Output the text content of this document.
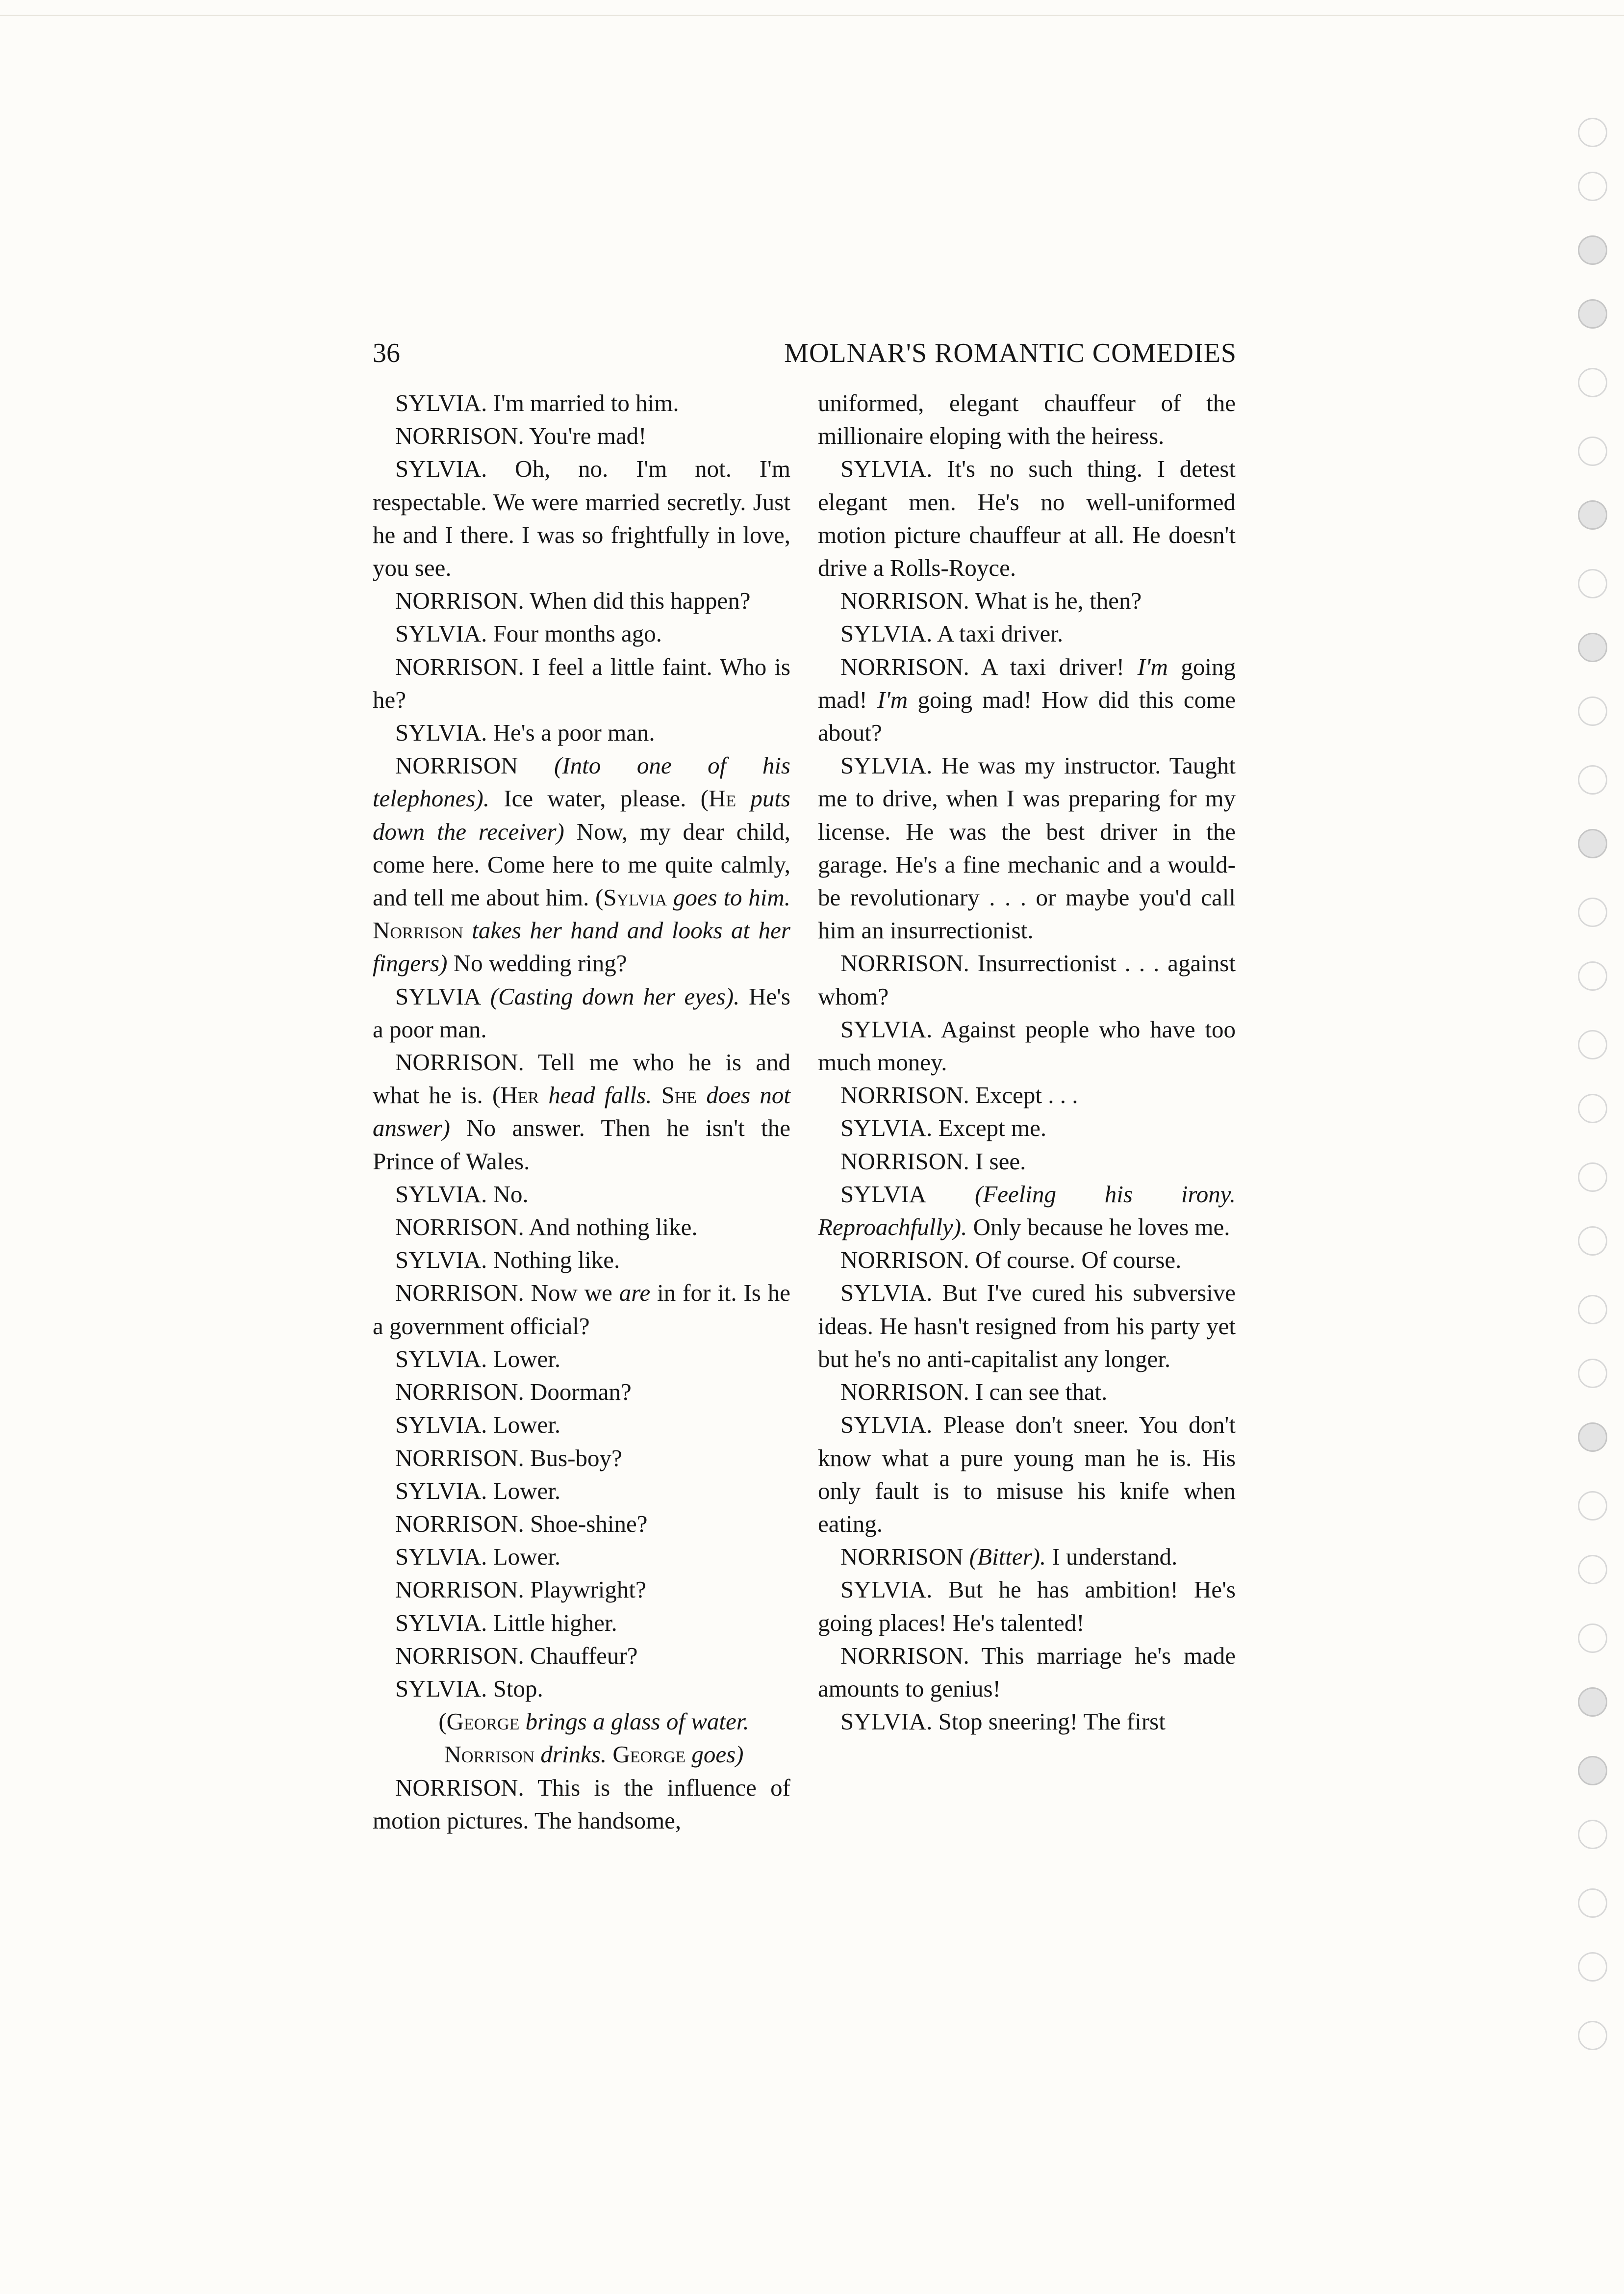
36	MOLNAR'S ROMANTIC COMEDIES

SYLVIA. I'm married to him.

NORRISON. You're mad!

SYLVIA. Oh, no. I'm not. I'm respectable. We were married secretly. Just he and I there. I was so frightfully in love, you see.

NORRISON. When did this happen?

SYLVIA. Four months ago.

NORRISON. I feel a little faint. Who is he?

SYLVIA. He's a poor man.

NORRISON (Into one of his telephones). Ice water, please. (He puts down the receiver) Now, my dear child, come here. Come here to me quite calmly, and tell me about him. (Sylvia goes to him. Norrison takes her hand and looks at her fingers) No wedding ring?

SYLVIA (Casting down her eyes). He's a poor man.

NORRISON. Tell me who he is and what he is. (Her head falls. She does not answer) No answer. Then he isn't the Prince of Wales.

SYLVIA. No.

NORRISON. And nothing like.

SYLVIA. Nothing like.

NORRISON. Now we are in for it. Is he a government official?

SYLVIA. Lower.

NORRISON. Doorman?

SYLVIA. Lower.

NORRISON. Bus-boy?

SYLVIA. Lower.

NORRISON. Shoe-shine?

SYLVIA. Lower.

NORRISON. Playwright?

SYLVIA. Little higher.

NORRISON. Chauffeur?

SYLVIA. Stop.

(George brings a glass of water.
Norrison drinks. George goes)

NORRISON. This is the influence of motion pictures. The handsome,

uniformed, elegant chauffeur of the millionaire eloping with the heiress.

SYLVIA. It's no such thing. I detest elegant men. He's no well-uniformed motion picture chauffeur at all. He doesn't drive a Rolls-Royce.

NORRISON. What is he, then?

SYLVIA. A taxi driver.

NORRISON. A taxi driver! I'm going mad! I'm going mad! How did this come about?

SYLVIA. He was my instructor. Taught me to drive, when I was preparing for my license. He was the best driver in the garage. He's a fine mechanic and a would-be revolutionary . . . or maybe you'd call him an insurrectionist.

NORRISON. Insurrectionist . . . against whom?

SYLVIA. Against people who have too much money.

NORRISON. Except . . .

SYLVIA. Except me.

NORRISON. I see.

SYLVIA (Feeling his irony. Reproachfully). Only because he loves me.

NORRISON. Of course. Of course.

SYLVIA. But I've cured his subversive ideas. He hasn't resigned from his party yet but he's no anti-capitalist any longer.

NORRISON. I can see that.

SYLVIA. Please don't sneer. You don't know what a pure young man he is. His only fault is to misuse his knife when eating.

NORRISON (Bitter). I understand.

SYLVIA. But he has ambition! He's going places! He's talented!

NORRISON. This marriage he's made amounts to genius!

SYLVIA. Stop sneering! The first
